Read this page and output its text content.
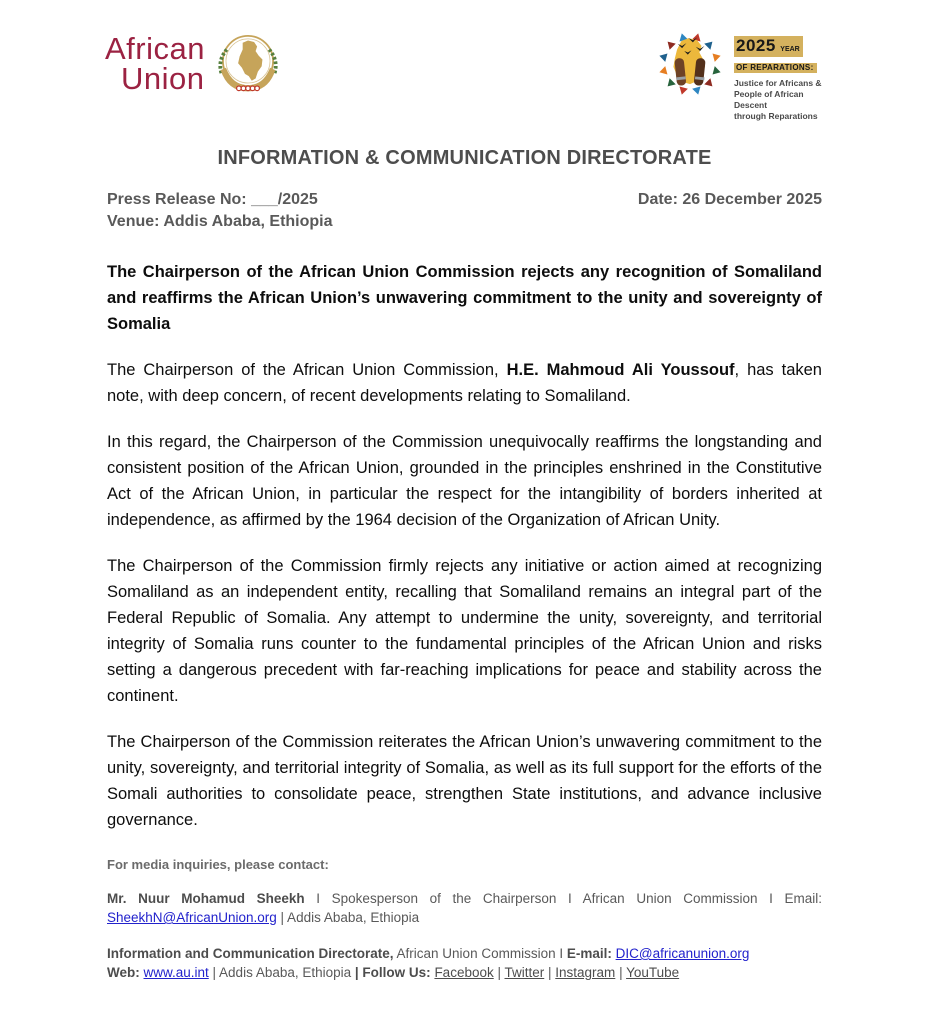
African
Union
2025 YEAR OF REPARATIONS:
Justice for Africans &
People of African Descent
through Reparations
INFORMATION & COMMUNICATION DIRECTORATE
Press Release No: ___/2025	Date: 26 December 2025
Venue: Addis Ababa, Ethiopia
The Chairperson of the African Union Commission rejects any recognition of Somaliland and reaffirms the African Union’s unwavering commitment to the unity and sovereignty of Somalia

The Chairperson of the African Union Commission, H.E. Mahmoud Ali Youssouf, has taken note, with deep concern, of recent developments relating to Somaliland.

In this regard, the Chairperson of the Commission unequivocally reaffirms the longstanding and consistent position of the African Union, grounded in the principles enshrined in the Constitutive Act of the African Union, in particular the respect for the intangibility of borders inherited at independence, as affirmed by the 1964 decision of the Organization of African Unity.

The Chairperson of the Commission firmly rejects any initiative or action aimed at recognizing Somaliland as an independent entity, recalling that Somaliland remains an integral part of the Federal Republic of Somalia. Any attempt to undermine the unity, sovereignty, and territorial integrity of Somalia runs counter to the fundamental principles of the African Union and risks setting a dangerous precedent with far-reaching implications for peace and stability across the continent.

The Chairperson of the Commission reiterates the African Union’s unwavering commitment to the unity, sovereignty, and territorial integrity of Somalia, as well as its full support for the efforts of the Somali authorities to consolidate peace, strengthen State institutions, and advance inclusive governance.

For media inquiries, please contact:

Mr. Nuur Mohamud Sheekh I Spokesperson of the Chairperson I African Union Commission I Email: SheekhN@AfricanUnion.org | Addis Ababa, Ethiopia

Information and Communication Directorate, African Union Commission I E-mail: DIC@africanunion.org
Web: www.au.int | Addis Ababa, Ethiopia | Follow Us: Facebook | Twitter | Instagram | YouTube
